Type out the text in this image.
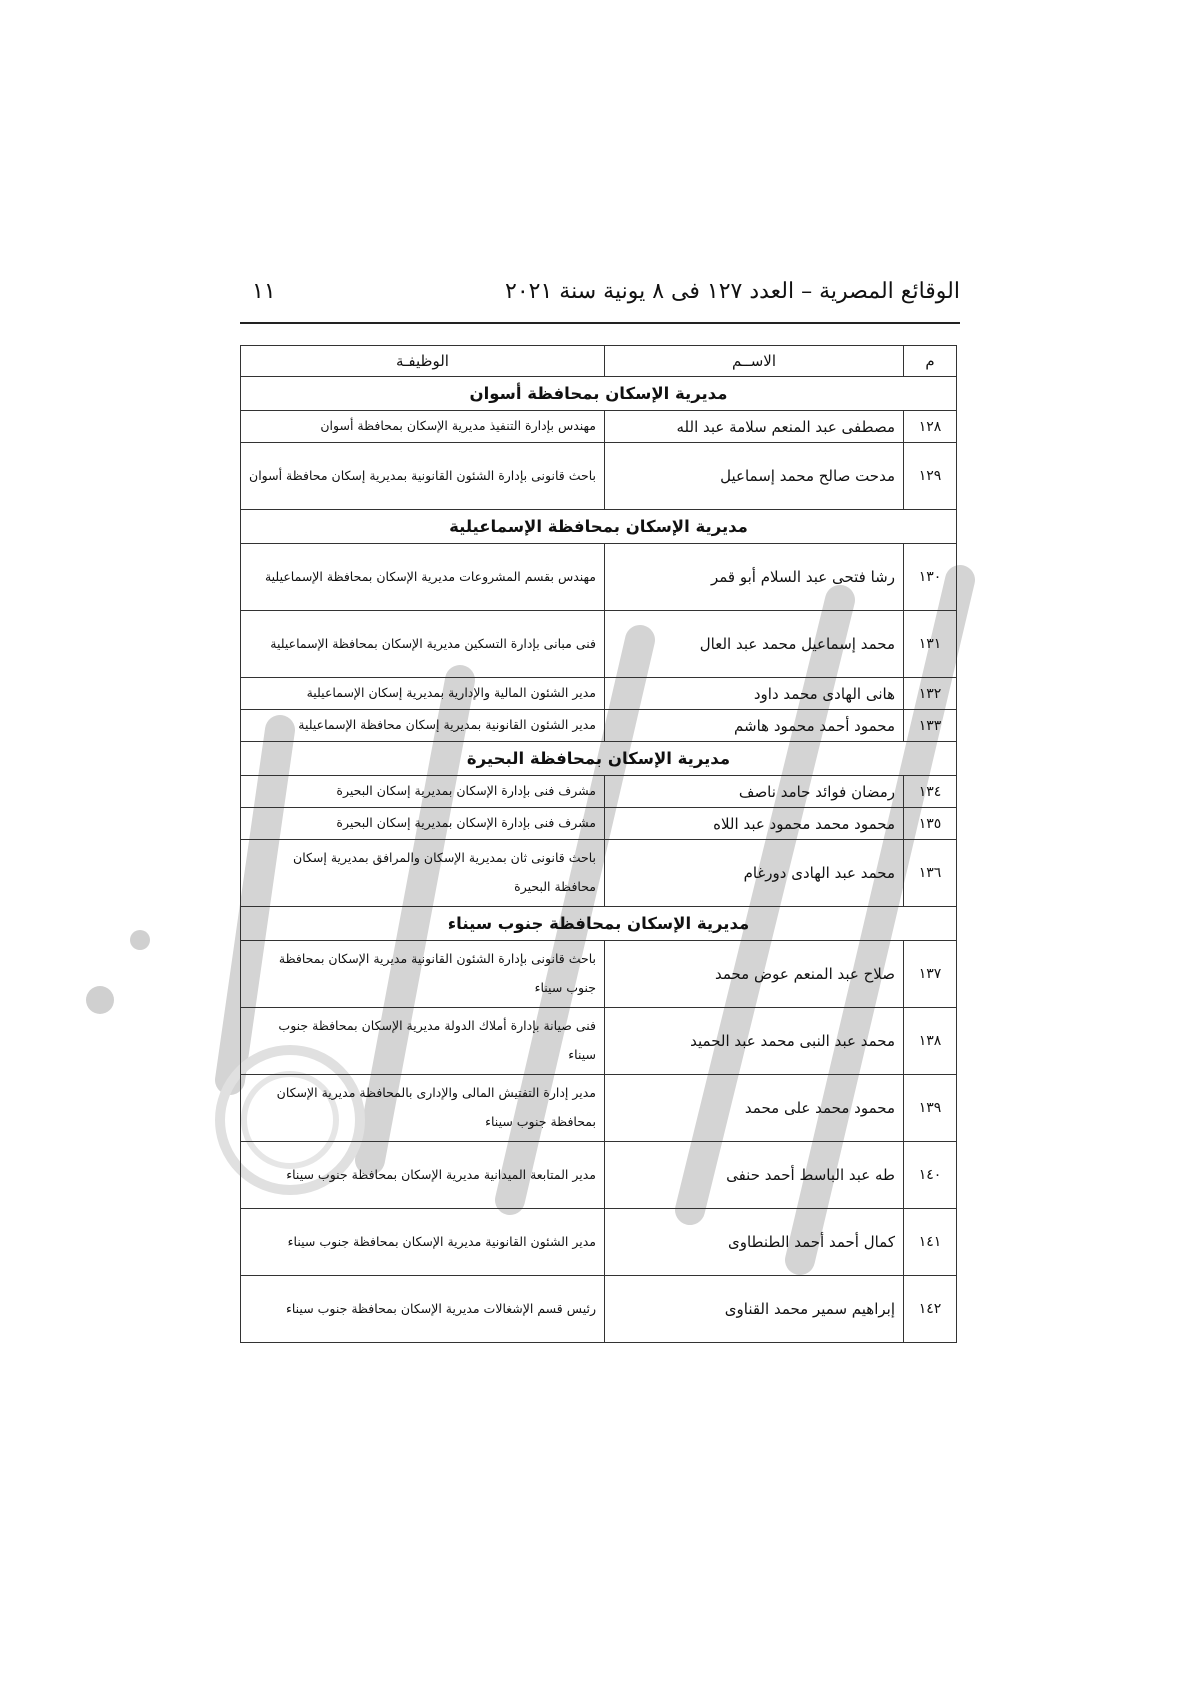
الوقائع المصرية – العدد ١٢٧ فى ٨ يونية سنة ٢٠٢١
١١
م	الاســم	الوظيفـة
مديرية الإسكان بمحافظة أسوان		
١٢٨	مصطفى عبد المنعم سلامة عبد الله	مهندس بإدارة التنفيذ مديرية الإسكان بمحافظة أسوان
١٢٩	مدحت صالح محمد إسماعيل	باحث قانونى بإدارة الشئون القانونية بمديرية إسكان محافظة أسوان
مديرية الإسكان بمحافظة الإسماعيلية		
١٣٠	رشا فتحى عبد السلام أبو قمر	مهندس بقسم المشروعات مديرية الإسكان بمحافظة الإسماعيلية
١٣١	محمد إسماعيل محمد عبد العال	فنى مبانى بإدارة التسكين مديرية الإسكان بمحافظة الإسماعيلية
١٣٢	هانى الهادى محمد داود	مدير الشئون المالية والإدارية بمديرية إسكان الإسماعيلية
١٣٣	محمود أحمد محمود هاشم	مدير الشئون القانونية بمديرية إسكان محافظة الإسماعيلية
مديرية الإسكان بمحافظة البحيرة		
١٣٤	رمضان فوائد حامد ناصف	مشرف فنى بإدارة الإسكان بمديرية إسكان البحيرة
١٣٥	محمود محمد محمود عبد اللاه	مشرف فنى بإدارة الإسكان بمديرية إسكان البحيرة
١٣٦	محمد عبد الهادى دورغام	باحث قانونى ثان بمديرية الإسكان والمرافق بمديرية إسكان محافظة البحيرة
مديرية الإسكان بمحافظة جنوب سيناء		
١٣٧	صلاح عبد المنعم عوض محمد	باحث قانونى بإدارة الشئون القانونية مديرية الإسكان بمحافظة جنوب سيناء
١٣٨	محمد عبد النبى محمد عبد الحميد	فنى صيانة بإدارة أملاك الدولة مديرية الإسكان بمحافظة جنوب سيناء
١٣٩	محمود محمد على محمد	مدير إدارة التفتيش المالى والإدارى بالمحافظة مديرية الإسكان بمحافظة جنوب سيناء
١٤٠	طه عبد الباسط أحمد حنفى	مدير المتابعة الميدانية مديرية الإسكان بمحافظة جنوب سيناء
١٤١	كمال أحمد أحمد الطنطاوى	مدير الشئون القانونية مديرية الإسكان بمحافظة جنوب سيناء
١٤٢	إبراهيم سمير محمد القناوى	رئيس قسم الإشغالات مديرية الإسكان بمحافظة جنوب سيناء
